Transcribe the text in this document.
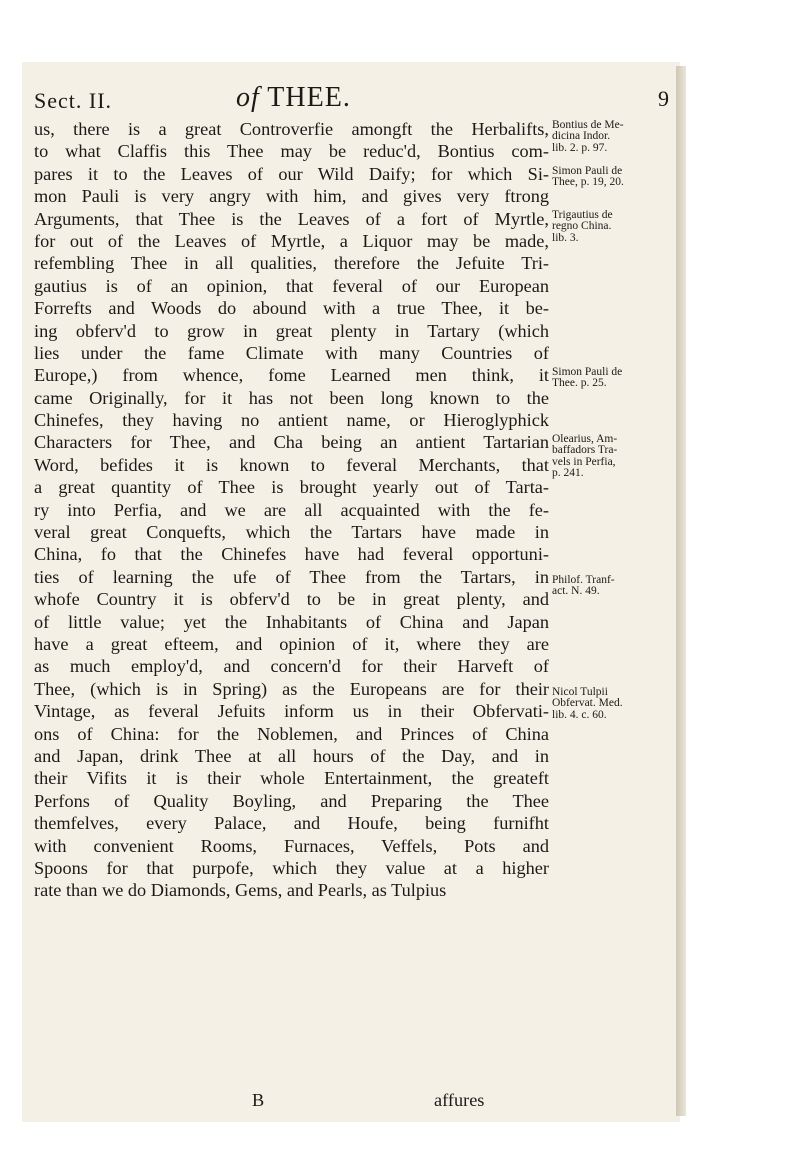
Sect. II.	of THEE.	9
us, there is a great Controverfie amongft the Herbalifts,
to what Claffis this Thee may be reduc'd, Bontius com-
pares it to the Leaves of our Wild Daify; for which Si-
mon Pauli is very angry with him, and gives very ftrong
Arguments, that Thee is the Leaves of a fort of Myrtle,
for out of the Leaves of Myrtle, a Liquor may be made,
refembling Thee in all qualities, therefore the Jefuite Tri-
gautius is of an opinion, that feveral of our European
Forrefts and Woods do abound with a true Thee, it be-
ing obferv'd to grow in great plenty in Tartary (which
lies under the fame Climate with many Countries of
Europe,) from whence, fome Learned men think, it
came Originally, for it has not been long known to the
Chinefes, they having no antient name, or Hieroglyphick
Characters for Thee, and Cha being an antient Tartarian
Word, befides it is known to feveral Merchants, that
a great quantity of Thee is brought yearly out of Tarta-
ry into Perfia, and we are all acquainted with the fe-
veral great Conquefts, which the Tartars have made in
China, fo that the Chinefes have had feveral opportuni-
ties of learning the ufe of Thee from the Tartars, in
whofe Country it is obferv'd to be in great plenty, and
of little value; yet the Inhabitants of China and Japan
have a great efteem, and opinion of it, where they are
as much employ'd, and concern'd for their Harveft of
Thee, (which is in Spring) as the Europeans are for their
Vintage, as feveral Jefuits inform us in their Obfervati-
ons of China: for the Noblemen, and Princes of China
and Japan, drink Thee at all hours of the Day, and in
their Vifits it is their whole Entertainment, the greateft
Perfons of Quality Boyling, and Preparing the Thee
themfelves, every Palace, and Houfe, being furnifht
with convenient Rooms, Furnaces, Veffels, Pots and
Spoons for that purpofe, which they value at a higher
rate than we do Diamonds, Gems, and Pearls, as Tulpius
Bontius de Me-
dicina Indor.
lib. 2. p. 97.
Simon Pauli de
Thee, p. 19, 20.
Trigautius de
regno China.
lib. 3.
Simon Pauli de
Thee. p. 25.
Olearius, Am-
baffadors Tra-
vels in Perfia,
p. 241.
Philof. Tranf-
act. N. 49.
Nicol Tulpii
Obfervat. Med.
lib. 4. c. 60.
B	affures
